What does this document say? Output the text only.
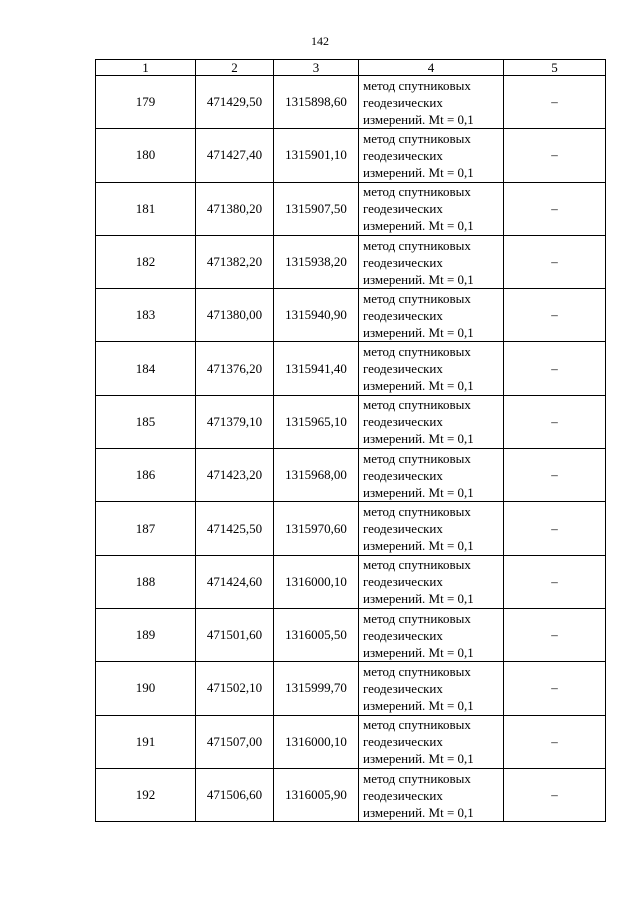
142
1	2	3	4	5
179	471429,50	1315898,60	метод спутниковых
геодезических
измерений. Mt = 0,1	–
180	471427,40	1315901,10	метод спутниковых
геодезических
измерений. Mt = 0,1	–
181	471380,20	1315907,50	метод спутниковых
геодезических
измерений. Mt = 0,1	–
182	471382,20	1315938,20	метод спутниковых
геодезических
измерений. Mt = 0,1	–
183	471380,00	1315940,90	метод спутниковых
геодезических
измерений. Mt = 0,1	–
184	471376,20	1315941,40	метод спутниковых
геодезических
измерений. Mt = 0,1	–
185	471379,10	1315965,10	метод спутниковых
геодезических
измерений. Mt = 0,1	–
186	471423,20	1315968,00	метод спутниковых
геодезических
измерений. Mt = 0,1	–
187	471425,50	1315970,60	метод спутниковых
геодезических
измерений. Mt = 0,1	–
188	471424,60	1316000,10	метод спутниковых
геодезических
измерений. Mt = 0,1	–
189	471501,60	1316005,50	метод спутниковых
геодезических
измерений. Mt = 0,1	–
190	471502,10	1315999,70	метод спутниковых
геодезических
измерений. Mt = 0,1	–
191	471507,00	1316000,10	метод спутниковых
геодезических
измерений. Mt = 0,1	–
192	471506,60	1316005,90	метод спутниковых
геодезических
измерений. Mt = 0,1	–
